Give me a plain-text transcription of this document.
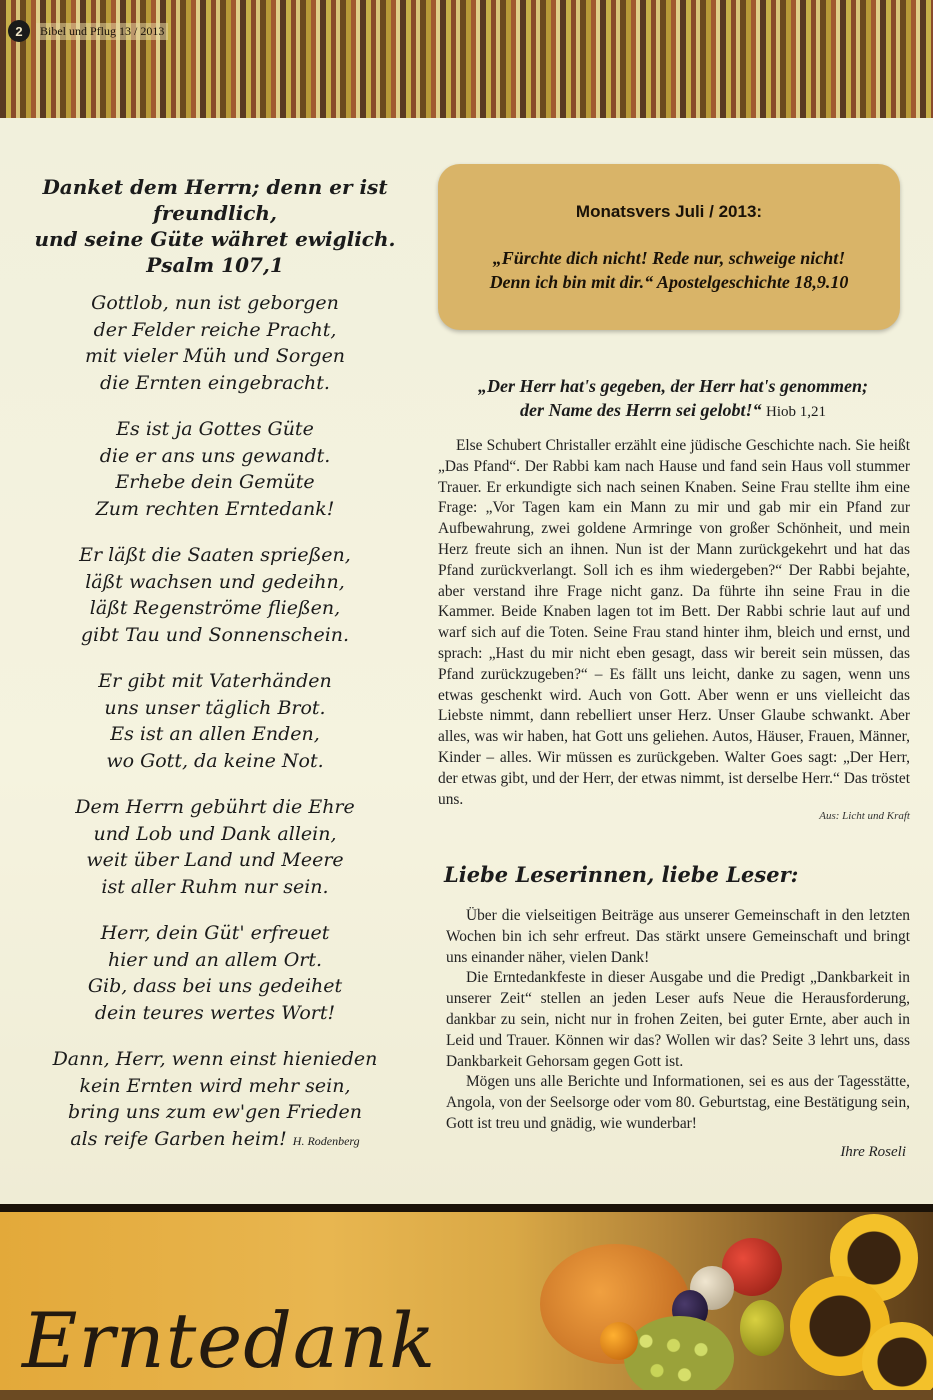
2	Bibel und Pflug 13 / 2013
Danket dem Herrn; denn er ist freundlich,
und seine Güte währet ewiglich.
Psalm 107,1
Gottlob, nun ist geborgen
der Felder reiche Pracht,
mit vieler Müh und Sorgen
die Ernten eingebracht.
Es ist ja Gottes Güte
die er ans uns gewandt.
Erhebe dein Gemüte
Zum rechten Erntedank!
Er läßt die Saaten sprießen,
läßt wachsen und gedeihn,
läßt Regenströme fließen,
gibt Tau und Sonnenschein.
Er gibt mit Vaterhänden
uns unser täglich Brot.
Es ist an allen Enden,
wo Gott, da keine Not.
Dem Herrn gebührt die Ehre
und Lob und Dank allein,
weit über Land und Meere
ist aller Ruhm nur sein.
Herr, dein Güt' erfreuet
hier und an allem Ort.
Gib, dass bei uns gedeihet
dein teures wertes Wort!
Dann, Herr, wenn einst hienieden
kein Ernten wird mehr sein,
bring uns zum ew'gen Frieden
als reife Garben heim! H. Rodenberg
Monatsvers Juli / 2013:
„Fürchte dich nicht! Rede nur, schweige nicht!
Denn ich bin mit dir.“ Apostelgeschichte 18,9.10
„Der Herr hat's gegeben, der Herr hat's genommen;
der Name des Herrn sei gelobt!“ Hiob 1,21
Else Schubert Christaller erzählt eine jüdische Geschichte nach. Sie heißt „Das Pfand“. Der Rabbi kam nach Hause und fand sein Haus voll stummer Trauer. Er erkundigte sich nach seinen Knaben. Seine Frau stellte ihm eine Frage: „Vor Tagen kam ein Mann zu mir und gab mir ein Pfand zur Aufbewahrung, zwei goldene Armringe von großer Schönheit, und mein Herz freute sich an ihnen. Nun ist der Mann zurückgekehrt und hat das Pfand zurückverlangt. Soll ich es ihm wiedergeben?“ Der Rabbi bejahte, aber verstand ihre Frage nicht ganz. Da führte ihn seine Frau in die Kammer. Beide Knaben lagen tot im Bett. Der Rabbi schrie laut auf und warf sich auf die Toten. Seine Frau stand hinter ihm, bleich und ernst, und sprach: „Hast du mir nicht eben gesagt, dass wir bereit sein müssen, das Pfand zurückzugeben?“ – Es fällt uns leicht, danke zu sagen, wenn uns etwas geschenkt wird. Auch von Gott. Aber wenn er uns vielleicht das Liebste nimmt, dann rebelliert unser Herz. Unser Glaube schwankt. Aber alles, was wir haben, hat Gott uns geliehen. Autos, Häuser, Frauen, Männer, Kinder – alles. Wir müssen es zurückgeben. Walter Goes sagt: „Der Herr, der etwas gibt, und der Herr, der etwas nimmt, ist derselbe Herr.“ Das tröstet uns.
Aus: Licht und Kraft
Liebe Leserinnen, liebe Leser:

Über die vielseitigen Beiträge aus unserer Gemeinschaft in den letzten Wochen bin ich sehr erfreut. Das stärkt unsere Gemeinschaft und bringt uns einander näher, vielen Dank!

Die Erntedankfeste in dieser Ausgabe und die Predigt „Dankbarkeit in unserer Zeit“ stellen an jeden Leser aufs Neue die Herausforderung, dankbar zu sein, nicht nur in frohen Zeiten, bei guter Ernte, aber auch in Leid und Trauer. Können wir das? Wollen wir das? Seite 3 lehrt uns, dass Dankbarkeit Gehorsam gegen Gott ist.

Mögen uns alle Berichte und Informationen, sei es aus der Tagesstätte, Angola, von der Seelsorge oder vom 80. Geburtstag, eine Bestätigung sein, Gott ist treu und gnädig, wie wunderbar!

Ihre Roseli
Erntedank
